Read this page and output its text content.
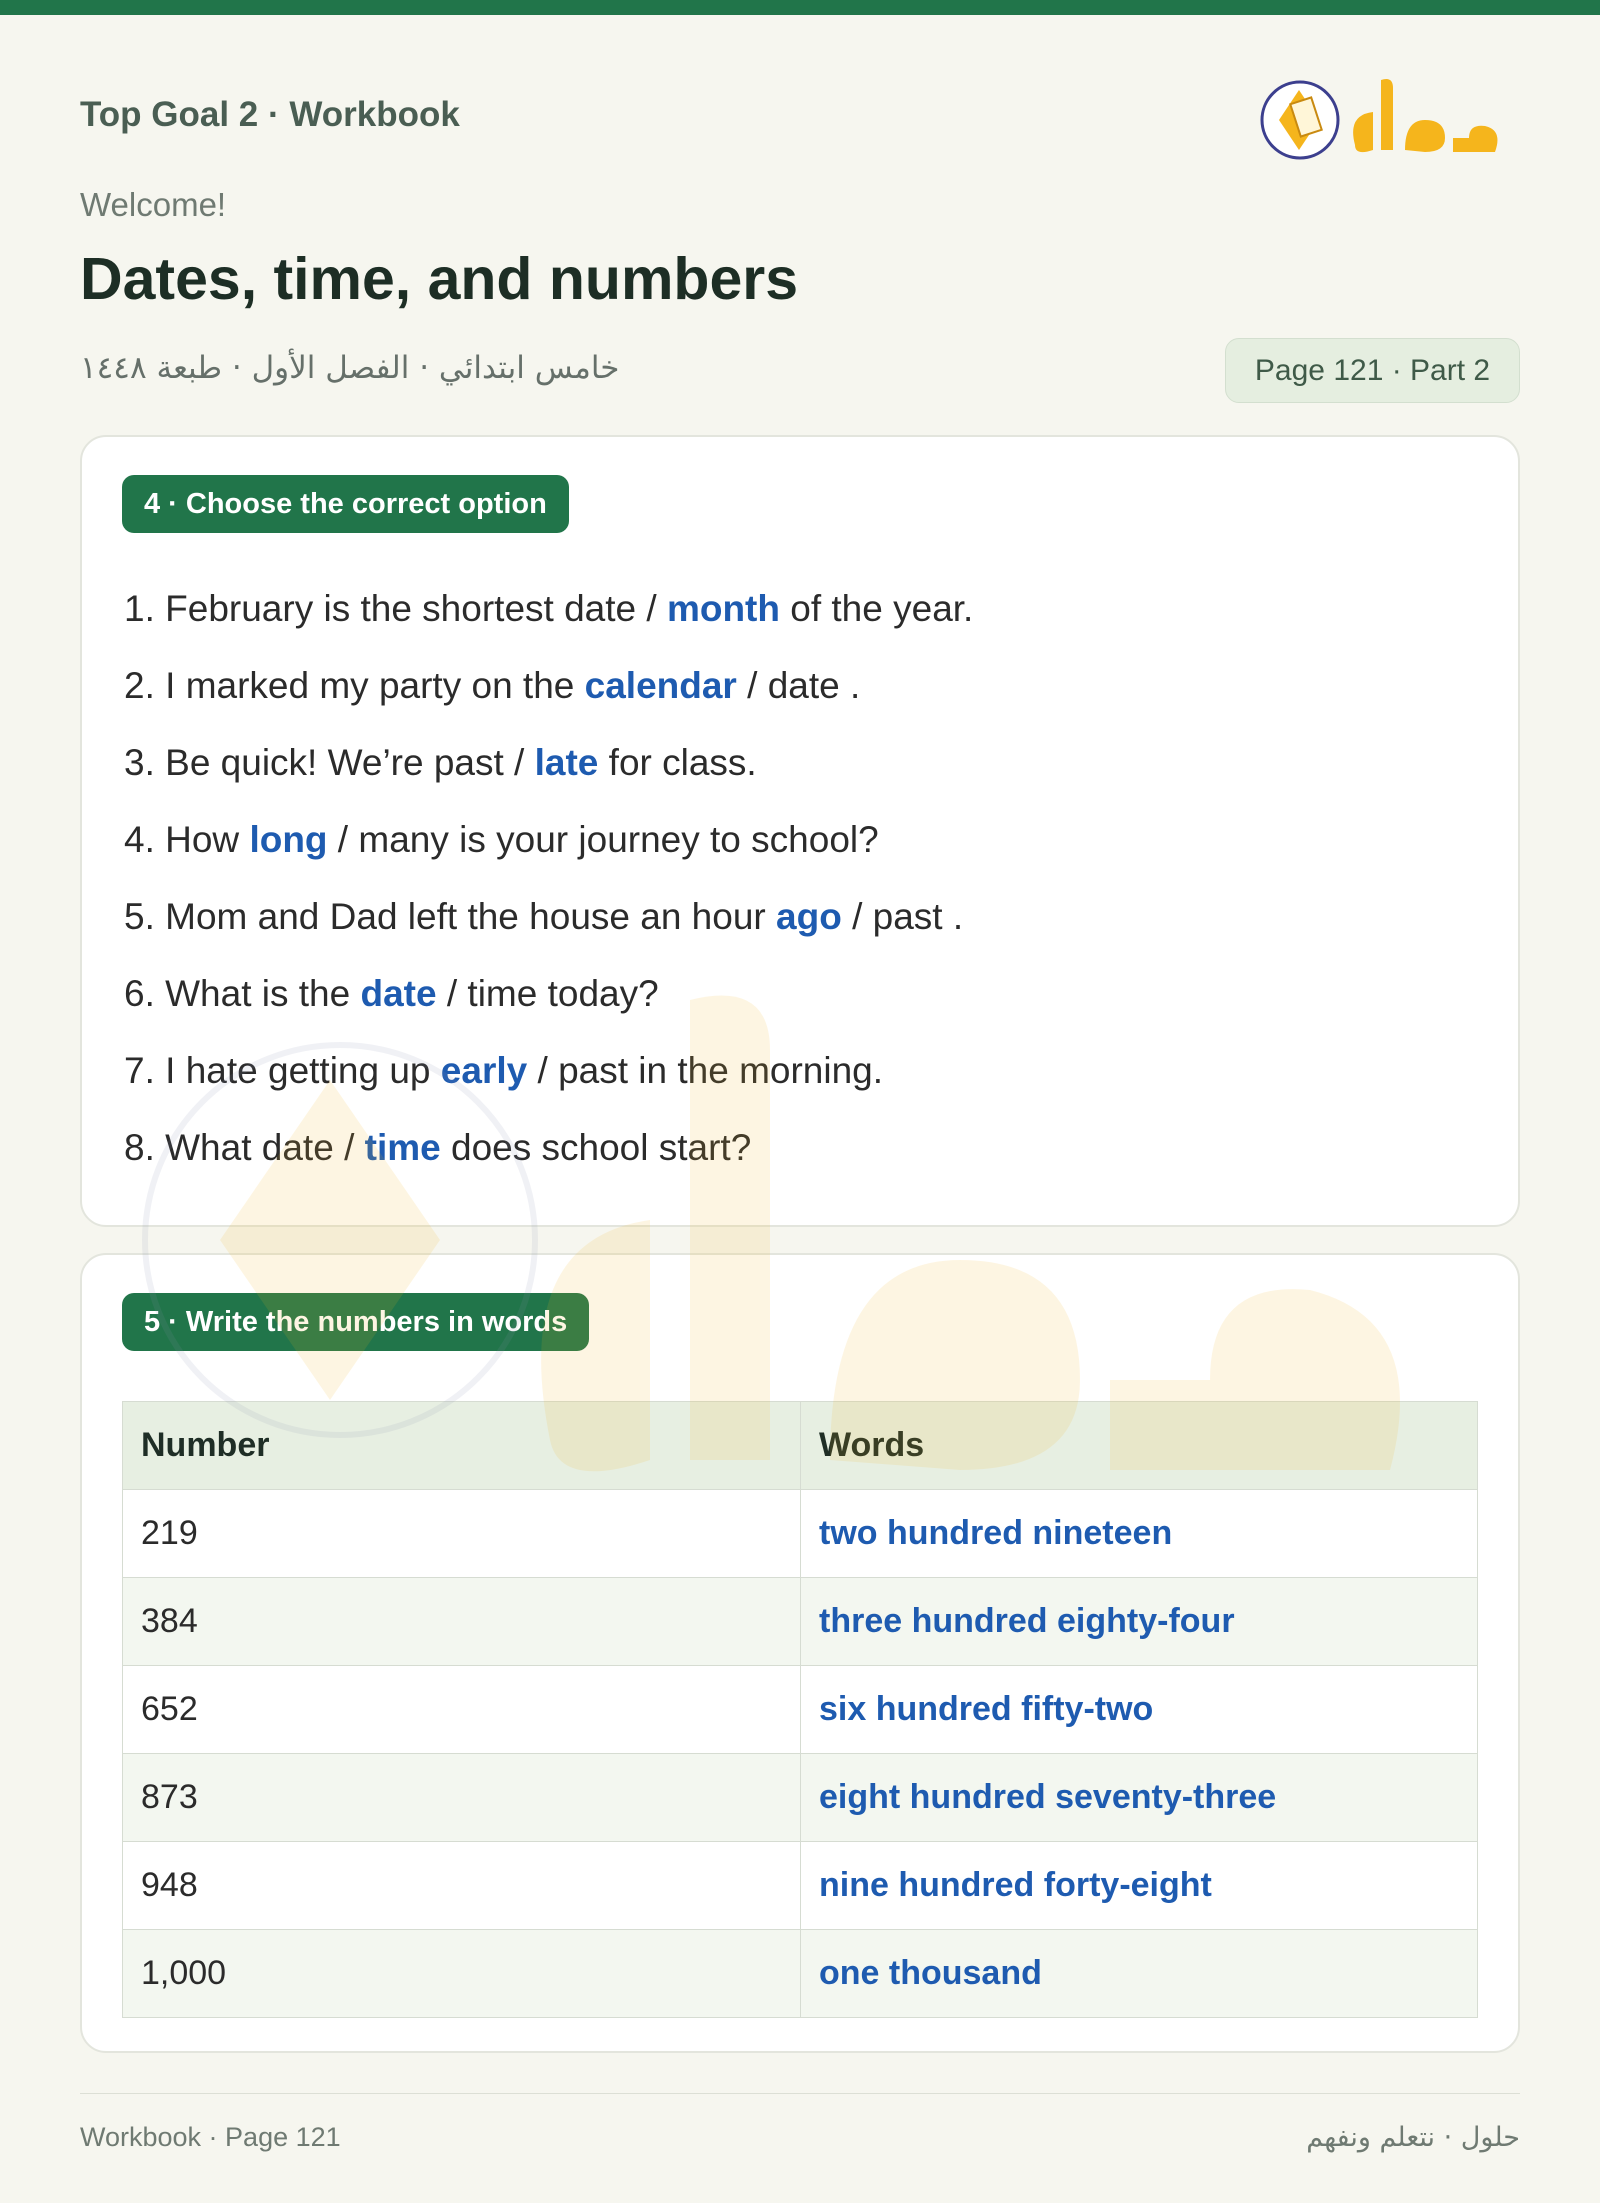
Top Goal 2 · Workbook
Welcome!
Dates, time, and numbers
خامس ابتدائي · الفصل الأول · طبعة ١٤٤٨	Page 121 · Part 2
4 · Choose the correct option
1. February is the shortest date / month of the year.
2. I marked my party on the calendar / date .
3. Be quick! We’re past / late for class.
4. How long / many is your journey to school?
5. Mom and Dad left the house an hour ago / past .
6. What is the date / time today?
7. I hate getting up early / past in the morning.
8. What date / time does school start?
5 · Write the numbers in words
Number	Words
219	two hundred nineteen
384	three hundred eighty-four
652	six hundred fifty-two
873	eight hundred seventy-three
948	nine hundred forty-eight
1,000	one thousand
Workbook · Page 121	حلول · نتعلم ونفهم
